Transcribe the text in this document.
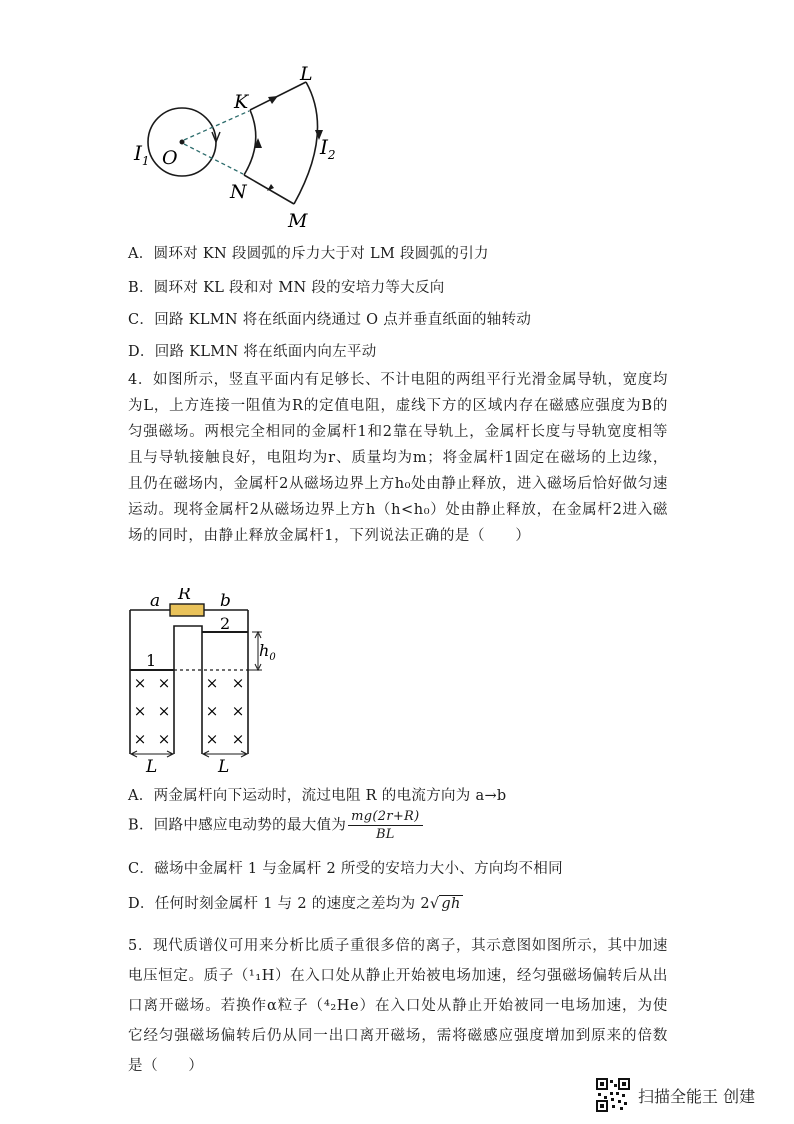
$I_1$ O
K
L
$I_2$
N
M
A．圆环对 KN 段圆弧的斥力大于对 LM 段圆弧的引力
B．圆环对 KL 段和对 MN 段的安培力等大反向
C．回路 KLMN 将在纸面内绕通过 O 点并垂直纸面的轴转动
D．回路 KLMN 将在纸面内向左平动
4．如图所示，竖直平面内有足够长、不计电阻的两组平行光滑金属导轨，宽度均为L，上方连接一阻值为R的定值电阻，虚线下方的区域内存在磁感应强度为B的匀强磁场。两根完全相同的金属杆1和2靠在导轨上，金属杆长度与导轨宽度相等且与导轨接触良好，电阻均为r、质量均为m；将金属杆1固定在磁场的上边缘，且仍在磁场内，金属杆2从磁场边界上方h₀处由静止释放，进入磁场后恰好做匀速运动。现将金属杆2从磁场边界上方h（h<h₀）处由静止释放，在金属杆2进入磁场的同时，由静止释放金属杆1，下列说法正确的是（　　）
$h_0$
a R b
2
1
× × × ×
× × × ×
× × × ×
L	L
A．两金属杆向下运动时，流过电阻 R 的电流方向为 a→b
B．回路中感应电动势的最大值为 $\frac{mg(2r+R)}{BL}$
C．磁场中金属杆 1 与金属杆 2 所受的安培力大小、方向均不相同
D．任何时刻金属杆 1 与 2 的速度之差均为 2√ gh
5．现代质谱仪可用来分析比质子重很多倍的离子，其示意图如图所示，其中加速电压恒定。质子（¹₁H）在入口处从静止开始被电场加速，经匀强磁场偏转后从出口离开磁场。若换作α粒子（⁴₂He）在入口处从静止开始被同一电场加速，为使它经匀强磁场偏转后仍从同一出口离开磁场，需将磁感应强度增加到原来的倍数是（　　）
扫描全能王 创建
